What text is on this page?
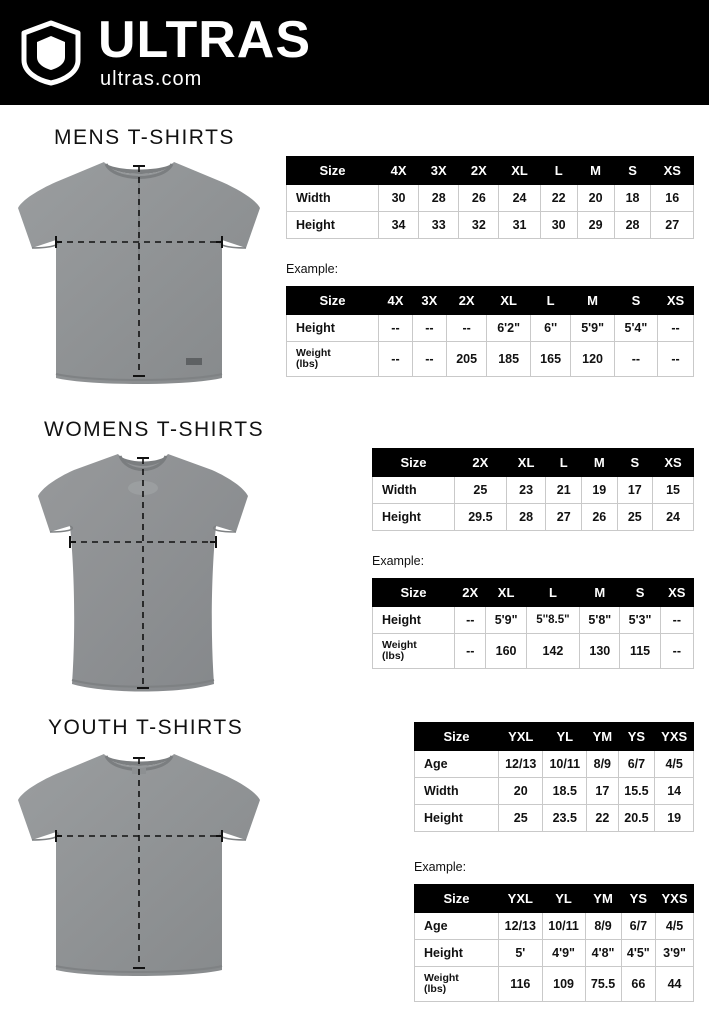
ULTRAS
ultras.com
MENS T-SHIRTS
Size	4X	3X	2X	XL	L	M	S	XS
Width	30	28	26	24	22	20	18	16
Height	34	33	32	31	30	29	28	27
Example:
Size	4X	3X	2X	XL	L	M	S	XS
Height	--	--	--	6'2"	6''	5'9"	5'4"	--

Weight
(lbs)	--	--	205	185	165	120	--	--
WOMENS T-SHIRTS
Size	2X	XL	L	M	S	XS
Width	25	23	21	19	17	15
Height	29.5	28	27	26	25	24
Example:
Size	2X	XL	L	M	S	XS
Height	--	5'9"	5''8.5"	5'8"	5'3"	--

Weight
(lbs)	--	160	142	130	115	--
YOUTH T-SHIRTS	Size	YXL	YL	YM	YS	YXS
Age	12/13	10/11	8/9	6/7	4/5
Width	20	18.5	17	15.5	14
Height	25	23.5	22	20.5	19
Example:
Size	YXL	YL	YM	YS	YXS
Age	12/13	10/11	8/9	6/7	4/5
Height	5'	4'9"	4'8"	4'5"	3'9"

Weight
(lbs)	116	109	75.5	66	44
